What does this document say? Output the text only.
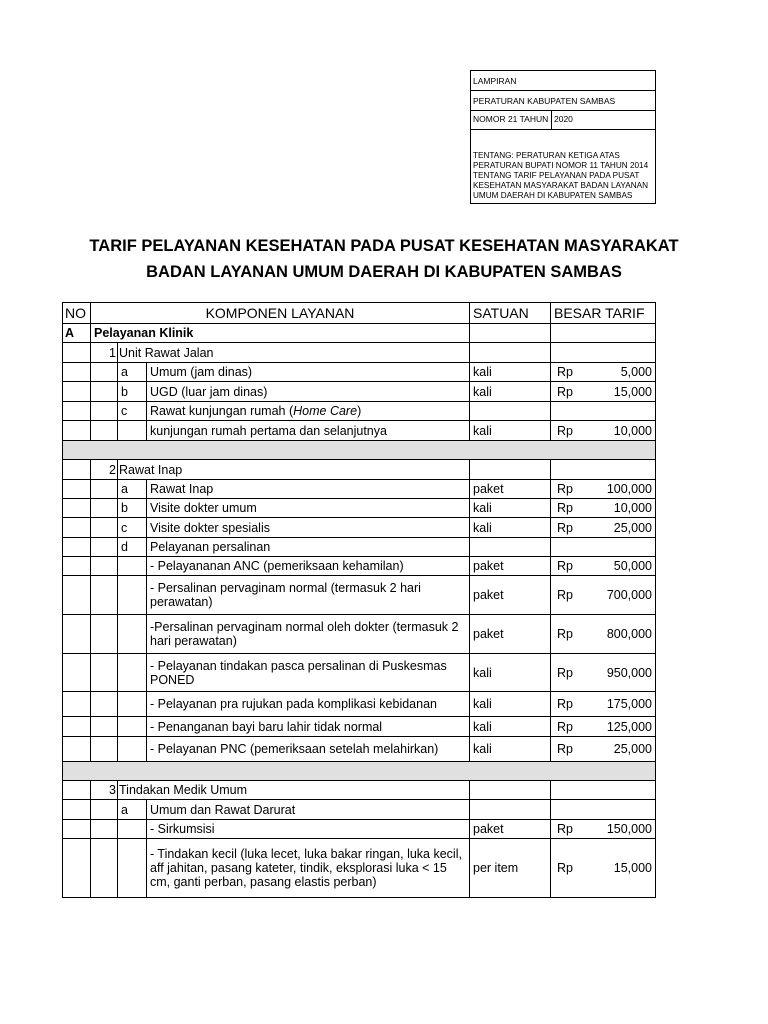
LAMPIRAN
PERATURAN KABUPATEN SAMBAS
NOMOR 21 TAHUN 2020
TENTANG: PERATURAN KETIGA ATAS PERATURAN BUPATI NOMOR 11 TAHUN 2014 TENTANG TARIF PELAYANAN PADA PUSAT KESEHATAN MASYARAKAT BADAN LAYANAN UMUM DAERAH DI KABUPATEN SAMBAS
TARIF PELAYANAN KESEHATAN PADA PUSAT KESEHATAN MASYARAKAT
BADAN LAYANAN UMUM DAERAH DI KABUPATEN SAMBAS
NO	KOMPONEN LAYANAN			SATUAN	BESAR TARIF
A	Pelayanan Klinik				
	1	Unit Rawat Jalan			
		a	Umum (jam dinas)	kali	Rp 5,000

		b	UGD (luar jam dinas)	kali	Rp 15,000

		c	Rawat kunjungan rumah (Home Care)		
			kunjungan rumah pertama dan selanjutnya	kali	Rp 10,000

	2	Rawat Inap			
		a	Rawat Inap	paket	Rp 100,000

		b	Visite dokter umum	kali	Rp 10,000

		c	Visite dokter spesialis	kali	Rp 25,000

		d	Pelayanan persalinan		
			- Pelayananan ANC (pemeriksaan kehamilan)	paket	Rp 50,000

			- Persalinan pervaginam normal (termasuk 2 hari perawatan)	paket	Rp 700,000

			-Persalinan pervaginam normal oleh dokter (termasuk 2 hari perawatan)	paket	Rp 800,000

			- Pelayanan tindakan pasca persalinan di Puskesmas PONED	kali	Rp 950,000

			- Pelayanan pra rujukan pada komplikasi kebidanan	kali	Rp 175,000

			- Penanganan bayi baru lahir tidak normal	kali	Rp 125,000

			- Pelayanan PNC (pemeriksaan setelah melahirkan)	kali	Rp 25,000

	3	Tindakan Medik Umum			
		a	Umum dan Rawat Darurat		
			- Sirkumsisi	paket	Rp 150,000

			- Tindakan kecil (luka lecet, luka bakar ringan, luka kecil, aff jahitan, pasang kateter, tindik, eksplorasi luka < 15 cm, ganti perban, pasang elastis perban)	per item	Rp 15,000
